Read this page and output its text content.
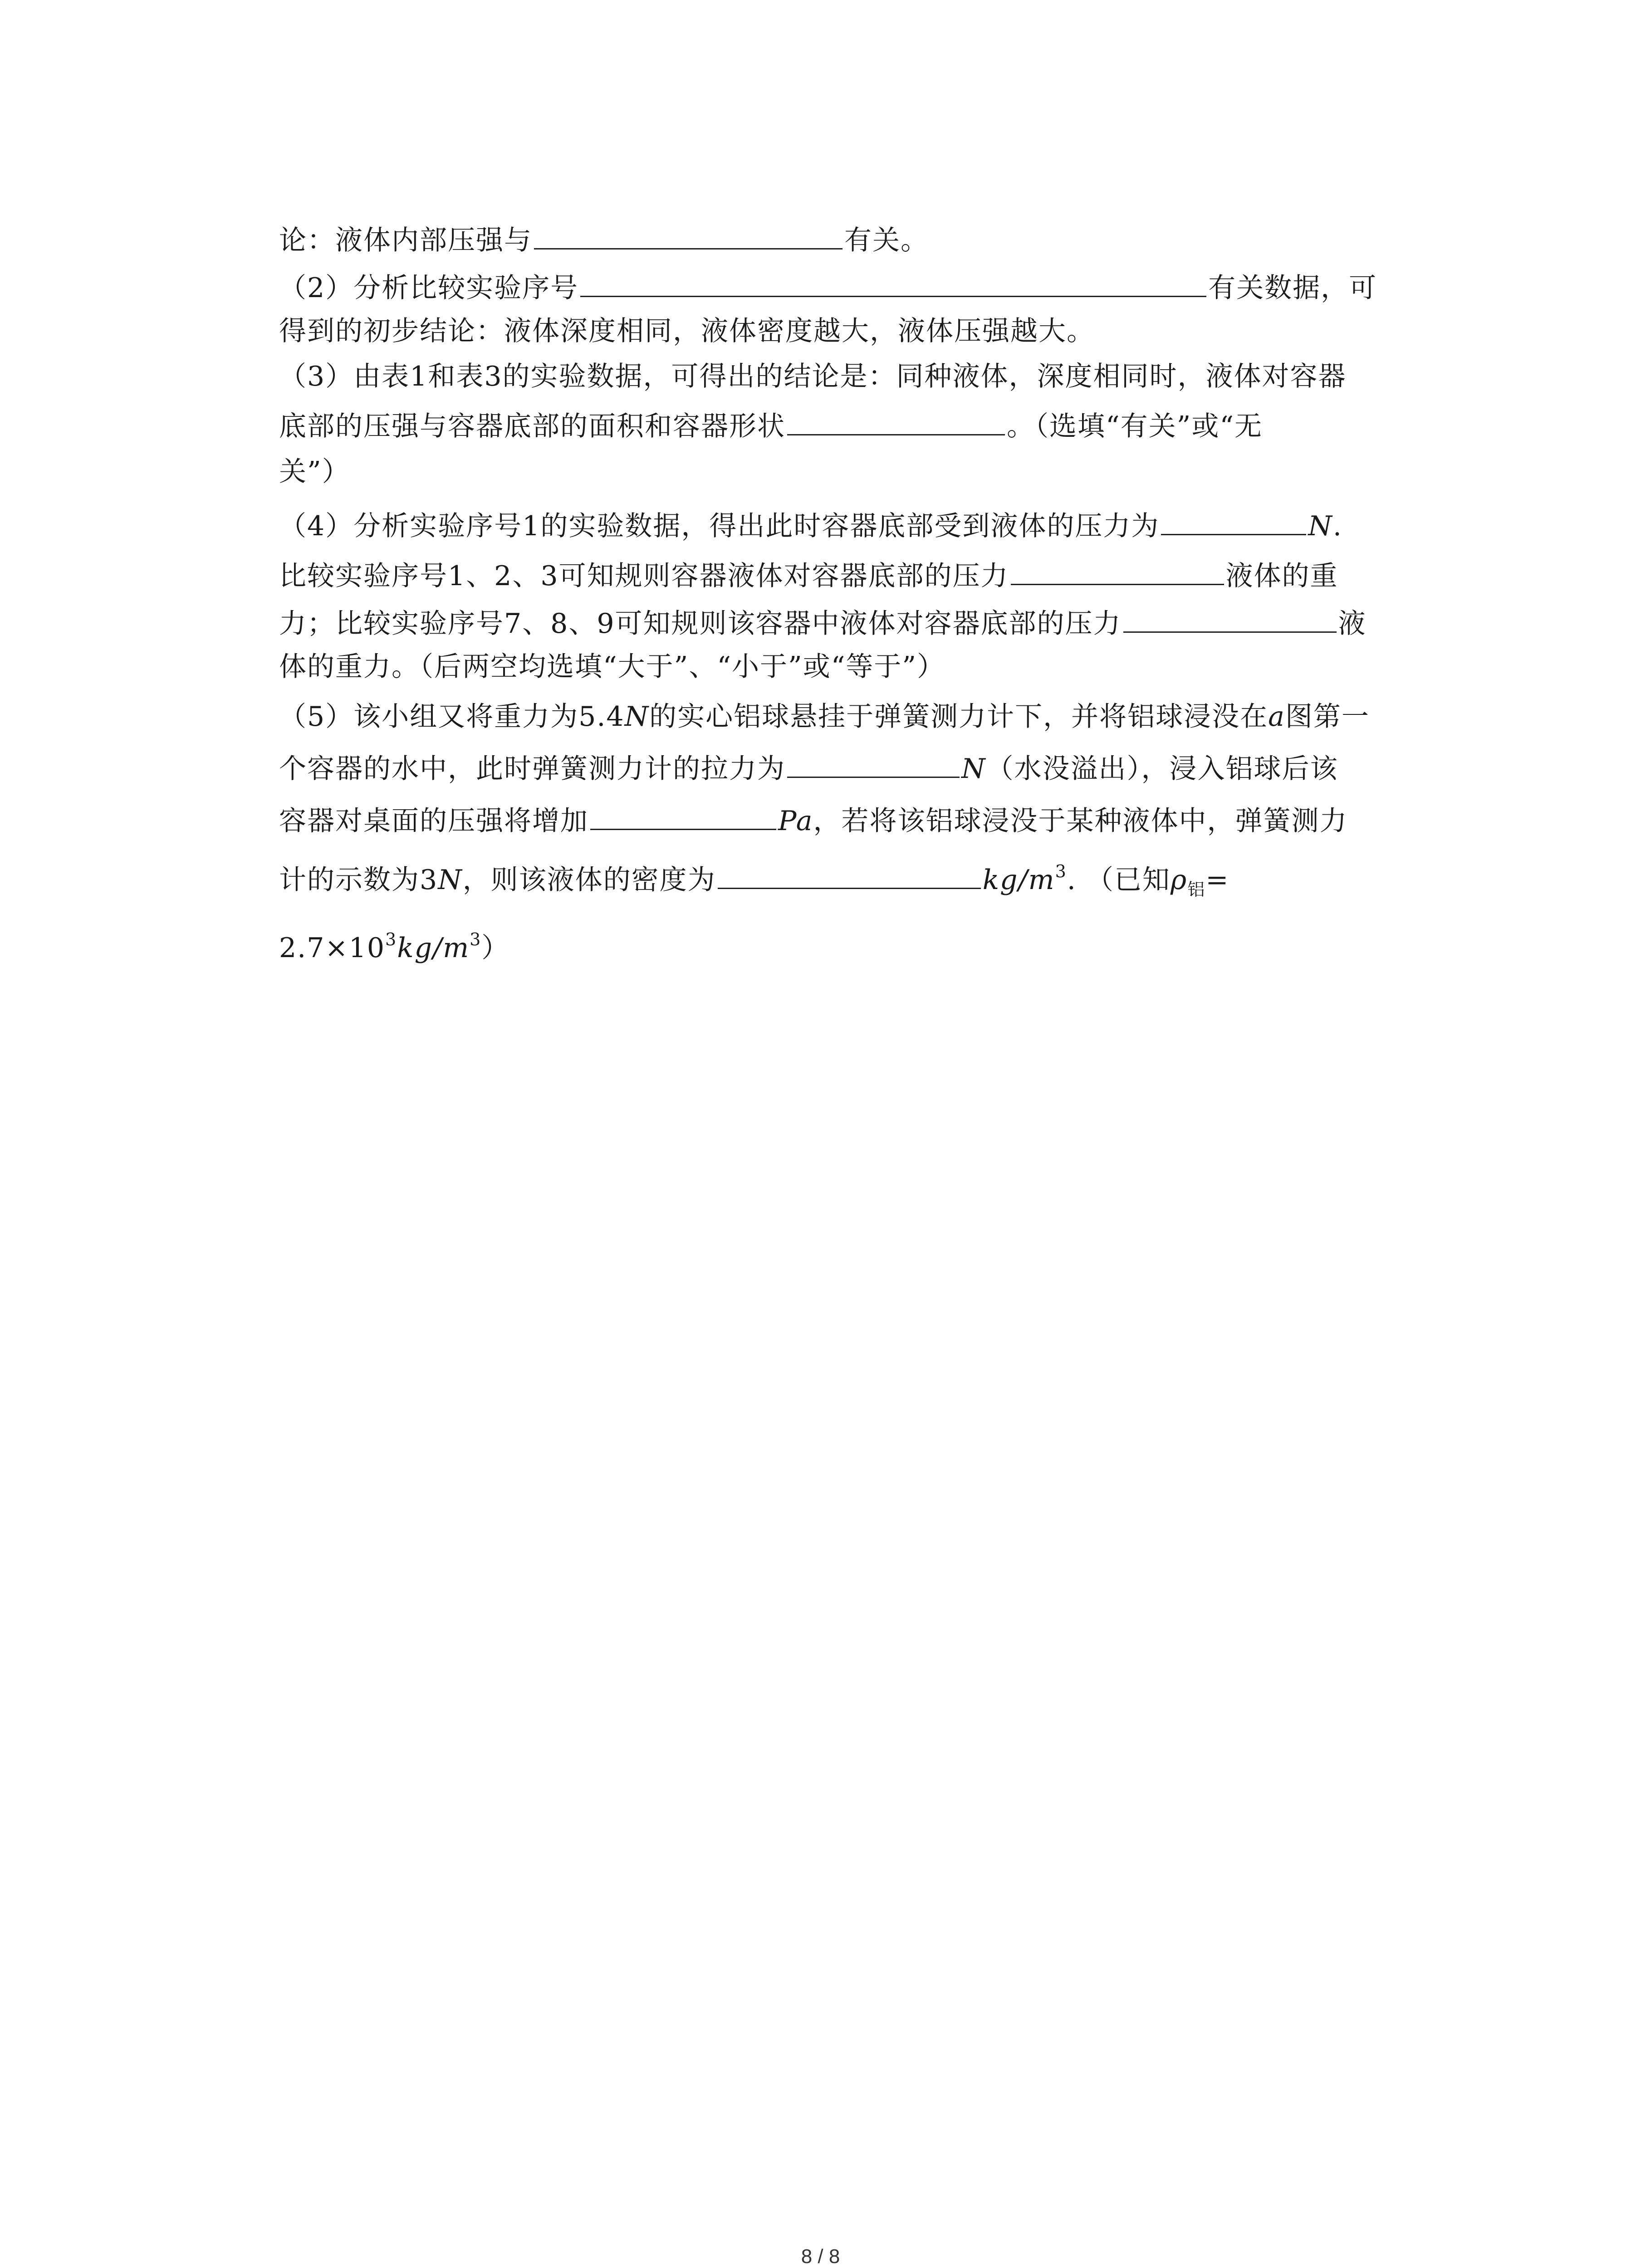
论：液体内部压强与	有关。
（2）分析比较实验序号	有关数据，可
得到的初步结论：液体深度相同，液体密度越大，液体压强越大。
（3）由表1和表3的实验数据，可得出的结论是：同种液体，深度相同时，液体对容器
底部的压强与容器底部的面积和容器形状	。（选填“有关”或“无
关”）
（4）分析实验序号1的实验数据，得出此时容器底部受到液体的压力为	N.
比较实验序号1、2、3可知规则容器液体对容器底部的压力	液体的重
力；比较实验序号7、8、9可知规则该容器中液体对容器底部的压力	液
体的重力。（后两空均选填“大于”、“小于”或“等于”）
（5）该小组又将重力为5.4N的实心铝球悬挂于弹簧测力计下，并将铝球浸没在a图第一
个容器的水中，此时弹簧测力计的拉力为	N（水没溢出），浸入铝球后该
容器对桌面的压强将增加	Pa，若将该铝球浸没于某种液体中，弹簧测力
计的示数为3N，则该液体的密度为	$kg/m^3$. （已知$\rho_铝=$
$2.7\times 10^3kg/m^3$）
8 / 8
